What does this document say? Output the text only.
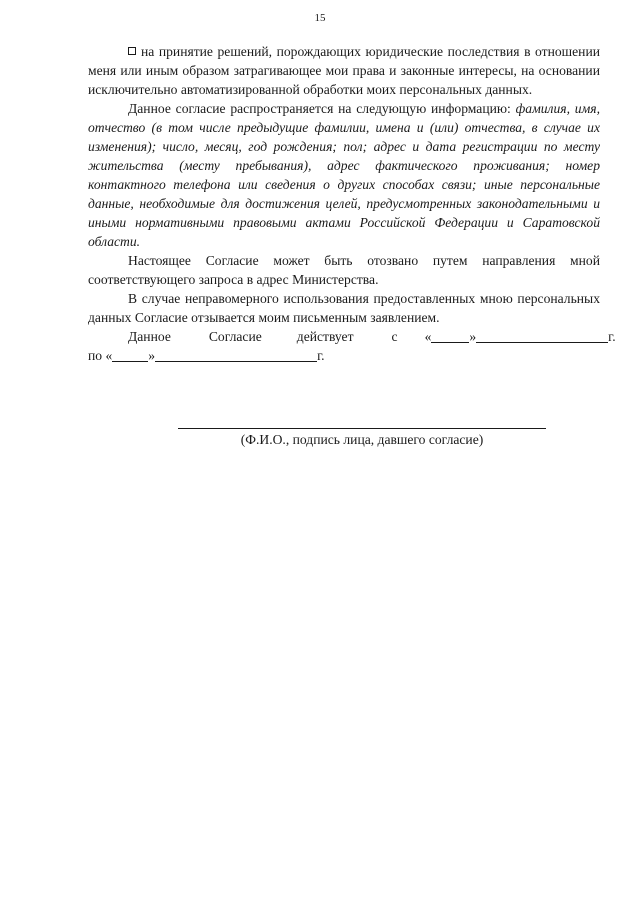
15

на принятие решений, порождающих юридические последствия в отношении меня или иным образом затрагивающее мои права и законные интересы, на основании исключительно автоматизированной обработки моих персональных данных.

Данное согласие распространяется на следующую информацию: фамилия, имя, отчество (в том числе предыдущие фамилии, имена и (или) отчества, в случае их изменения); число, месяц, год рождения; пол; адрес и дата регистрации по месту жительства (месту пребывания), адрес фактического проживания; номер контактного телефона или сведения о других способах связи; иные персональные данные, необходимые для достижения целей, предусмотренных законодательными и иными нормативными правовыми актами Российской Федерации и Саратовской области.

Настоящее Согласие может быть отозвано путем направления мной соответствующего запроса в адрес Министерства.

В случае неправомерного использования предоставленных мною персональных данных Согласие отзывается моим письменным заявлением.

Данное	Согласие	действует	с «	»	г.

по «	»	г.

(Ф.И.О., подпись лица, давшего согласие)
